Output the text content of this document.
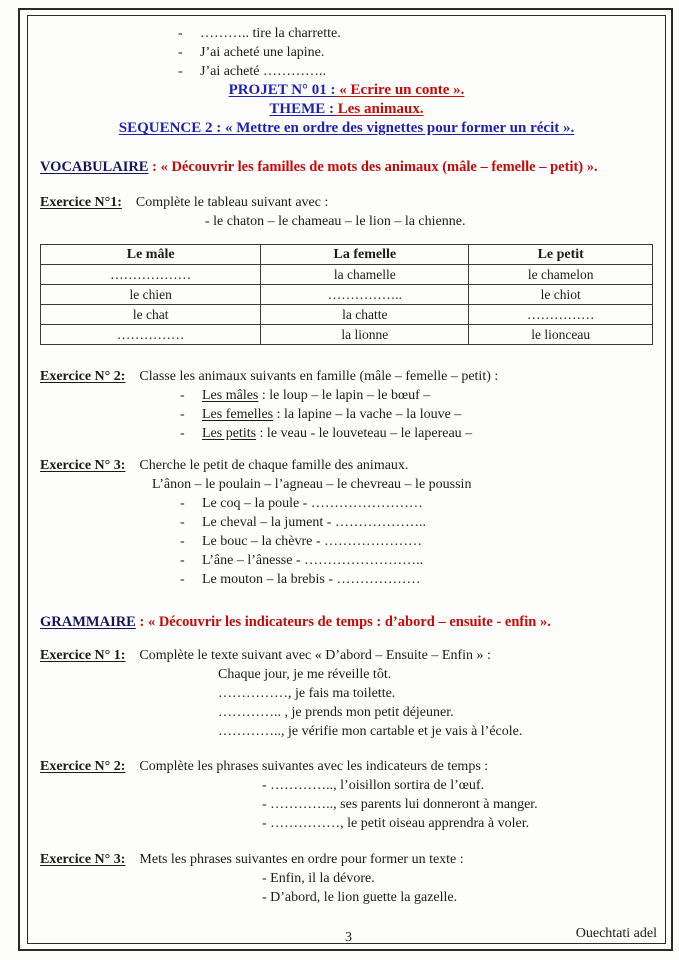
- ……….. tire la charrette.
- J’ai acheté une lapine.
- J’ai acheté …………..
PROJET N° 01 : « Ecrire un conte ».
THEME : Les animaux.
SEQUENCE 2 : « Mettre en ordre des vignettes pour former un récit ».
VOCABULAIRE : « Découvrir les familles de mots des animaux (mâle – femelle – petit) ».
Exercice N°1: Complète le tableau suivant avec :
- le chaton – le chameau – le lion – la chienne.
Le mâle	La femelle	Le petit
………………	la chamelle	le chamelon
le chien	……………..	le chiot
le chat	la chatte	……………
……………	la lionne	le lionceau
Exercice N° 2: Classe les animaux suivants en famille (mâle – femelle – petit) :
- Les mâles : le loup – le lapin – le bœuf –
- Les femelles : la lapine – la vache – la louve –
- Les petits : le veau - le louveteau – le lapereau –
Exercice N° 3: Cherche le petit de chaque famille des animaux.
L’ânon – le poulain – l’agneau – le chevreau – le poussin
- Le coq – la poule - ……………………
- Le cheval – la jument - ………………..
- Le bouc – la chèvre - …………………
- L’âne – l’ânesse - ……………………..
- Le mouton – la brebis - ………………
GRAMMAIRE : « Découvrir les indicateurs de temps : d’abord – ensuite - enfin ».
Exercice N° 1: Complète le texte suivant avec « D’abord – Ensuite – Enfin » :
Chaque jour, je me réveille tôt.
……………, je fais ma toilette.
………….. , je prends mon petit déjeuner.
………….., je vérifie mon cartable et je vais à l’école.
Exercice N° 2: Complète les phrases suivantes avec les indicateurs de temps :
- ………….., l’oisillon sortira de l’œuf.
- ………….., ses parents lui donneront à manger.
- ……………, le petit oiseau apprendra à voler.
Exercice N° 3: Mets les phrases suivantes en ordre pour former un texte :
- Enfin, il la dévore.
- D’abord, le lion guette la gazelle.
3	Ouechtati adel
